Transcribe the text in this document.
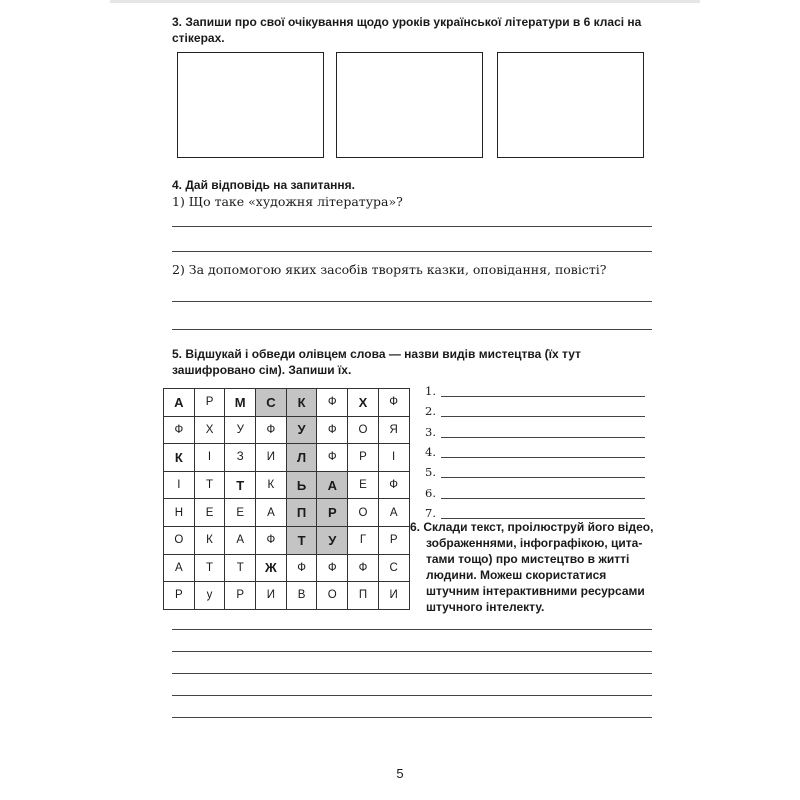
3. Запиши про свої очікування щодо уроків української літератури в 6 класі на стікерах.
4. Дай відповідь на запитання.
1) Що таке «художня література»?
2) За допомогою яких засобів творять казки, оповідання, повісті?
5. Відшукай і обведи олівцем слова — назви видів мистецтва (їх тут зашифровано сім). Запиши їх.
А	Р	М	С	К	Ф	Х	Ф
Ф	Х	У	Ф	У	Ф	О	Я
К	І	З	И	Л	Ф	Р	І
І	Т	Т	К	Ь	А	Е	Ф
Н	Е	Е	А	П	Р	О	А
О	К	А	Ф	Т	У	Г	Р
А	Т	Т	Ж	Ф	Ф	Ф	С
Р	у	Р	И	В	О	П	И
1.
2.
3.
4.
5.
6.
7.
6. Склади текст, проілюструй його відео,
зображеннями, інфографікою, цита-
тами тощо) про мистецтво в житті
людини. Можеш скористатися
штучним інтерактивними ресурсами
штучного інтелекту.
5
